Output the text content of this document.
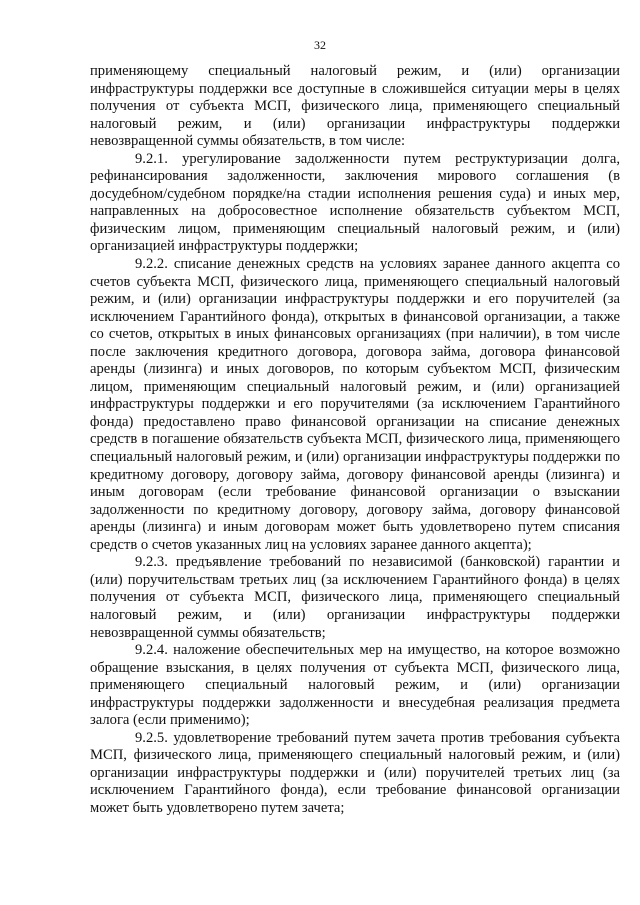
32

применяющему специальный налоговый режим, и (или) организации инфраструктуры поддержки все доступные в сложившейся ситуации меры в целях получения от субъекта МСП, физического лица, применяющего специальный налоговый режим, и (или) организации инфраструктуры поддержки невозвращенной суммы обязательств, в том числе:

9.2.1. урегулирование задолженности путем реструктуризации долга, рефинансирования задолженности, заключения мирового соглашения (в досудебном/судебном порядке/на стадии исполнения решения суда) и иных мер, направленных на добросовестное исполнение обязательств субъектом МСП, физическим лицом, применяющим специальный налоговый режим, и (или) организацией инфраструктуры поддержки;

9.2.2. списание денежных средств на условиях заранее данного акцепта со счетов субъекта МСП, физического лица, применяющего специальный налоговый режим, и (или) организации инфраструктуры поддержки и его поручителей (за исключением Гарантийного фонда), открытых в финансовой организации, а также со счетов, открытых в иных финансовых организациях (при наличии), в том числе после заключения кредитного договора, договора займа, договора финансовой аренды (лизинга) и иных договоров, по которым субъектом МСП, физическим лицом, применяющим специальный налоговый режим, и (или) организацией инфраструктуры поддержки и его поручителями (за исключением Гарантийного фонда) предоставлено право финансовой организации на списание денежных средств в погашение обязательств субъекта МСП, физического лица, применяющего специальный налоговый режим, и (или) организации инфраструктуры поддержки по кредитному договору, договору займа, договору финансовой аренды (лизинга) и иным договорам (если требование финансовой организации о взыскании задолженности по кредитному договору, договору займа, договору финансовой аренды (лизинга) и иным договорам может быть удовлетворено путем списания средств о счетов указанных лиц на условиях заранее данного акцепта);

9.2.3. предъявление требований по независимой (банковской) гарантии и (или) поручительствам третьих лиц (за исключением Гарантийного фонда) в целях получения от субъекта МСП, физического лица, применяющего специальный налоговый режим, и (или) организации инфраструктуры поддержки невозвращенной суммы обязательств;

9.2.4. наложение обеспечительных мер на имущество, на которое возможно обращение взыскания, в целях получения от субъекта МСП, физического лица, применяющего специальный налоговый режим, и (или) организации инфраструктуры поддержки задолженности и внесудебная реализация предмета залога (если применимо);

9.2.5. удовлетворение требований путем зачета против требования субъекта МСП, физического лица, применяющего специальный налоговый режим, и (или) организации инфраструктуры поддержки и (или) поручителей третьих лиц (за исключением Гарантийного фонда), если требование финансовой организации может быть удовлетворено путем зачета;
